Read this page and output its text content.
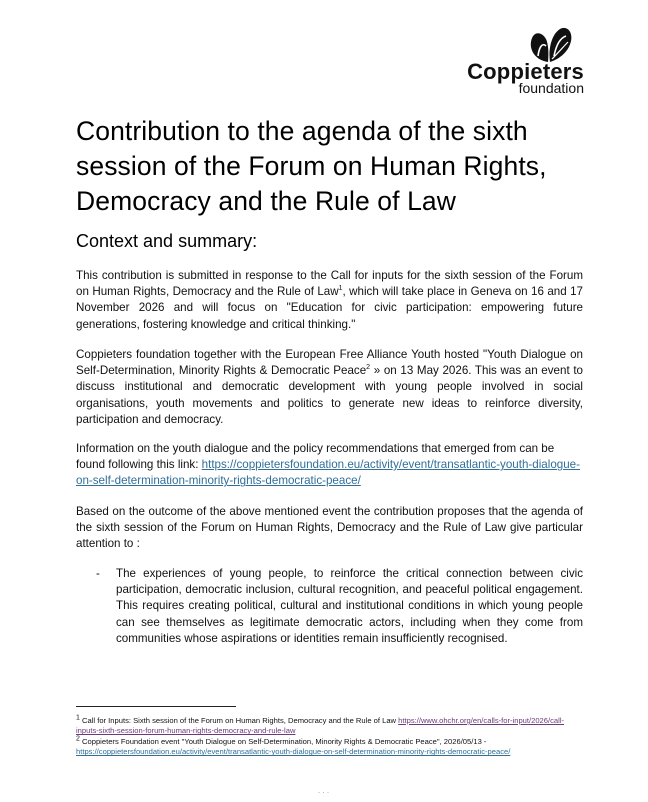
Coppieters
foundation
Contribution to the agenda of the sixth session of the Forum on Human Rights, Democracy and the Rule of Law
Context and summary:

This contribution is submitted in response to the Call for inputs for the sixth session of the Forum on Human Rights, Democracy and the Rule of Law$^1$, which will take place in Geneva on 16 and 17 November 2026 and will focus on "Education for civic participation: empowering future generations, fostering knowledge and critical thinking."

Coppieters foundation together with the European Free Alliance Youth hosted "Youth Dialogue on Self-Determination, Minority Rights & Democratic Peace$^2$ » on 13 May 2026. This was an event to discuss institutional and democratic development with young people involved in social organisations, youth movements and politics to generate new ideas to reinforce diversity, participation and democracy.

Information on the youth dialogue and the policy recommendations that emerged from can be found following this link: https://coppietersfoundation.eu/activity/event/transatlantic-youth-dialogue-on-self-determination-minority-rights-democratic-peace/

Based on the outcome of the above mentioned event the contribution proposes that the agenda of the sixth session of the Forum on Human Rights, Democracy and the Rule of Law give particular attention to :

- The experiences of young people, to reinforce the critical connection between civic participation, democratic inclusion, cultural recognition, and peaceful political engagement. This requires creating political, cultural and institutional conditions in which young people can see themselves as legitimate democratic actors, including when they come from communities whose aspirations or identities remain insufficiently recognised.

$^1$ Call for Inputs: Sixth session of the Forum on Human Rights, Democracy and the Rule of Law https://www.ohchr.org/en/calls-for-input/2026/call-inputs-sixth-session-forum-human-rights-democracy-and-rule-law
$^2$ Coppieters Foundation event "Youth Dialogue on Self-Determination, Minority Rights & Democratic Peace", 2026/05/13 - https://coppietersfoundation.eu/activity/event/transatlantic-youth-dialogue-on-self-determination-minority-rights-democratic-peace/
. . .
